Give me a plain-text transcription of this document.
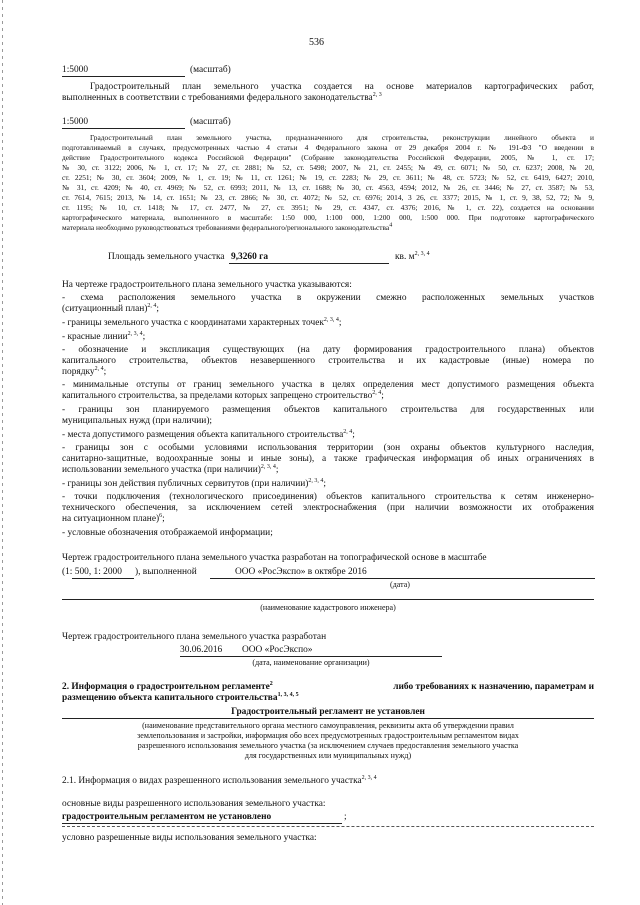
536
1:5000	(масштаб)
Градостроительный план земельного участка создается на основе материалов картографических работ,
выполненных в соответствии с требованиями федерального законодательства$^{2, 3}$
1:5000	(масштаб)
Градостроительный план земельного участка, предназначенного для строительства, реконструкции линейного объекта и
подготавливаемый в случаях, предусмотренных частью 4 статьи 4 Федерального закона от 29 декабря 2004 г. № 191-ФЗ "О введении в
действие Градостроительного кодекса Российской Федерации" (Собрание законодательства Российской Федерации, 2005, № 1, ст. 17;
№ 30, ст. 3122; 2006, № 1, ст. 17; № 27, ст. 2881; № 52, ст. 5498; 2007, № 21, ст. 2455; № 49, ст. 6071; № 50, ст. 6237; 2008, № 20,
ст. 2251; № 30, ст. 3604; 2009, № 1, ст. 19; № 11, ст. 1261; № 19, ст. 2283; № 29, ст. 3611; № 48, ст. 5723; № 52, ст. 6419, 6427; 2010,
№ 31, ст. 4209; № 40, ст. 4969; № 52, ст. 6993; 2011, № 13, ст. 1688; № 30, ст. 4563, 4594; 2012, № 26, ст. 3446; № 27, ст. 3587; № 53,
ст. 7614, 7615; 2013, № 14, ст. 1651; № 23, ст. 2866; № 30, ст. 4072; № 52, ст. 6976; 2014, 3 26, ст. 3377; 2015, № 1, ст. 9, 38, 52, 72; № 9,
ст. 1195; № 10, ст. 1418; № 17, ст. 2477, № 27, ст. 3951; № 29, ст. 4347, ст. 4376; 2016, № 1, ст. 22), создается на основании
картографического материала, выполненного в масштабе: 1:50 000, 1:100 000, 1:200 000, 1:500 000. При подготовке картографического
материала необходимо руководствоваться требованиями федерального/регионального законодательства$^4$
Площадь земельного участка 9,3260 га	кв. $м^{2, 3, 4}$
На чертеже градостроительного плана земельного участка указываются:
- схема расположения земельного участка в окружении смежно расположенных земельных участков
(ситуационный план)$^{2, 4}$;
- границы земельного участка с координатами характерных точек$^{2, 3, 4}$;
- красные линии$^{2, 3, 4}$;
- обозначение и экспликация существующих (на дату формирования градостроительного плана) объектов
капитального строительства, объектов незавершенного строительства и их кадастровые (иные) номера по
порядку$^{2, 4}$;
- минимальные отступы от границ земельного участка в целях определения мест допустимого размещения объекта
капитального строительства, за пределами которых запрещено строительство$^{2, 4}$;
- границы зон планируемого размещения объектов капитального строительства для государственных или
муниципальных нужд (при наличии);
- места допустимого размещения объекта капитального строительства$^{2, 4}$;
- границы зон с особыми условиями использования территории (зон охраны объектов культурного наследия,
санитарно-защитные, водоохранные зоны и иные зоны), а также графическая информация об иных ограничениях в
использовании земельного участка (при наличии)$^{2, 3, 4}$;
- границы зон действия публичных сервитутов (при наличии)$^{2, 3, 4}$;
- точки подключения (технологического присоединения) объектов капитального строительства к сетям инженерно-
технического обеспечения, за исключением сетей электроснабжения (при наличии возможности их отображения
на ситуационном плане)$^6$;
- условные обозначения отображаемой информации;
Чертеж градостроительного плана земельного участка разработан на топографической основе в масштабе
(1: 500, 1: 2000 ), выполненной	ООО «РосЭкспо» в октябре 2016
(дата)
(наименование кадастрового инженера)
Чертеж градостроительного плана земельного участка разработан
30.06.2016 ООО «РосЭкспо»
(дата, наименование организации)
2. Информация о градостроительном регламенте$^2$	либо требованиях к назначению, параметрам и
размещению объекта капитального строительства$^{1, 3, 4, 5}$
Градостроительный регламент не установлен
(наименование представительного органа местного самоуправления, реквизиты акта об утверждении правил
землепользования и застройки, информация обо всех предусмотренных градостроительным регламентом видах
разрешенного использования земельного участка (за исключением случаев предоставления земельного участка
для государственных или муниципальных нужд)
2.1. Информация о видах разрешенного использования земельного участка$^{2, 3, 4}$
основные виды разрешенного использования земельного участка:
градостроительным регламентом не установлено	;
условно разрешенные виды использования земельного участка:
